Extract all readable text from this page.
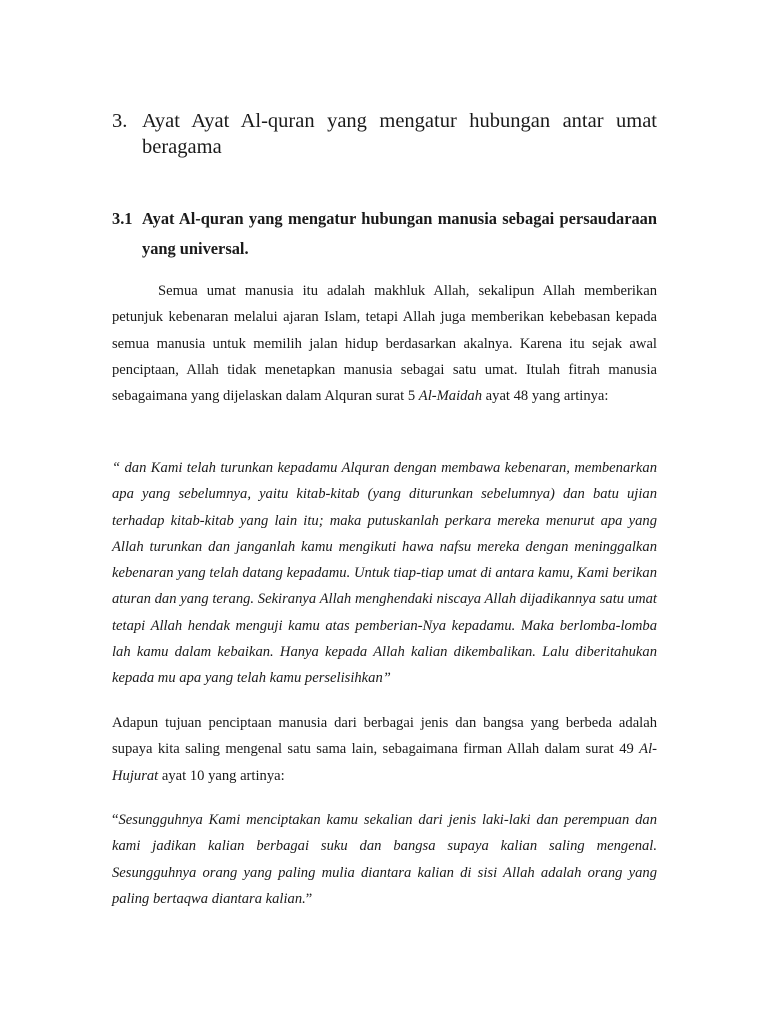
3. Ayat Ayat Al-quran yang mengatur hubungan antar umat beragama
3.1 Ayat Al-quran yang mengatur hubungan manusia sebagai persaudaraan yang universal.

Semua umat manusia itu adalah makhluk Allah, sekalipun Allah memberikan petunjuk kebenaran melalui ajaran Islam, tetapi Allah juga memberikan kebebasan kepada semua manusia untuk memilih jalan hidup berdasarkan akalnya. Karena itu sejak awal penciptaan, Allah tidak menetapkan manusia sebagai satu umat. Itulah fitrah manusia sebagaimana yang dijelaskan dalam Alquran surat 5 Al-Maidah ayat 48 yang artinya:

“ dan Kami telah turunkan kepadamu Alquran dengan membawa kebenaran, membenarkan apa yang sebelumnya, yaitu kitab-kitab (yang diturunkan sebelumnya) dan batu ujian terhadap kitab-kitab yang lain itu; maka putuskanlah perkara mereka menurut apa yang Allah turunkan dan janganlah kamu mengikuti hawa nafsu mereka dengan meninggalkan kebenaran yang telah datang kepadamu. Untuk tiap-tiap umat di antara kamu, Kami berikan aturan dan yang terang. Sekiranya Allah menghendaki niscaya Allah dijadikannya satu umat tetapi Allah hendak menguji kamu atas pemberian-Nya kepadamu. Maka berlomba-lomba lah kamu dalam kebaikan. Hanya kepada Allah kalian dikembalikan. Lalu diberitahukan kepada mu apa yang telah kamu perselisihkan”

Adapun tujuan penciptaan manusia dari berbagai jenis dan bangsa yang berbeda adalah supaya kita saling mengenal satu sama lain, sebagaimana firman Allah dalam surat 49 Al-Hujurat ayat 10 yang artinya:

“Sesungguhnya Kami menciptakan kamu sekalian dari jenis laki-laki dan perempuan dan kami jadikan kalian berbagai suku dan bangsa supaya kalian saling mengenal. Sesungguhnya orang yang paling mulia diantara kalian di sisi Allah adalah orang yang paling bertaqwa diantara kalian.”
